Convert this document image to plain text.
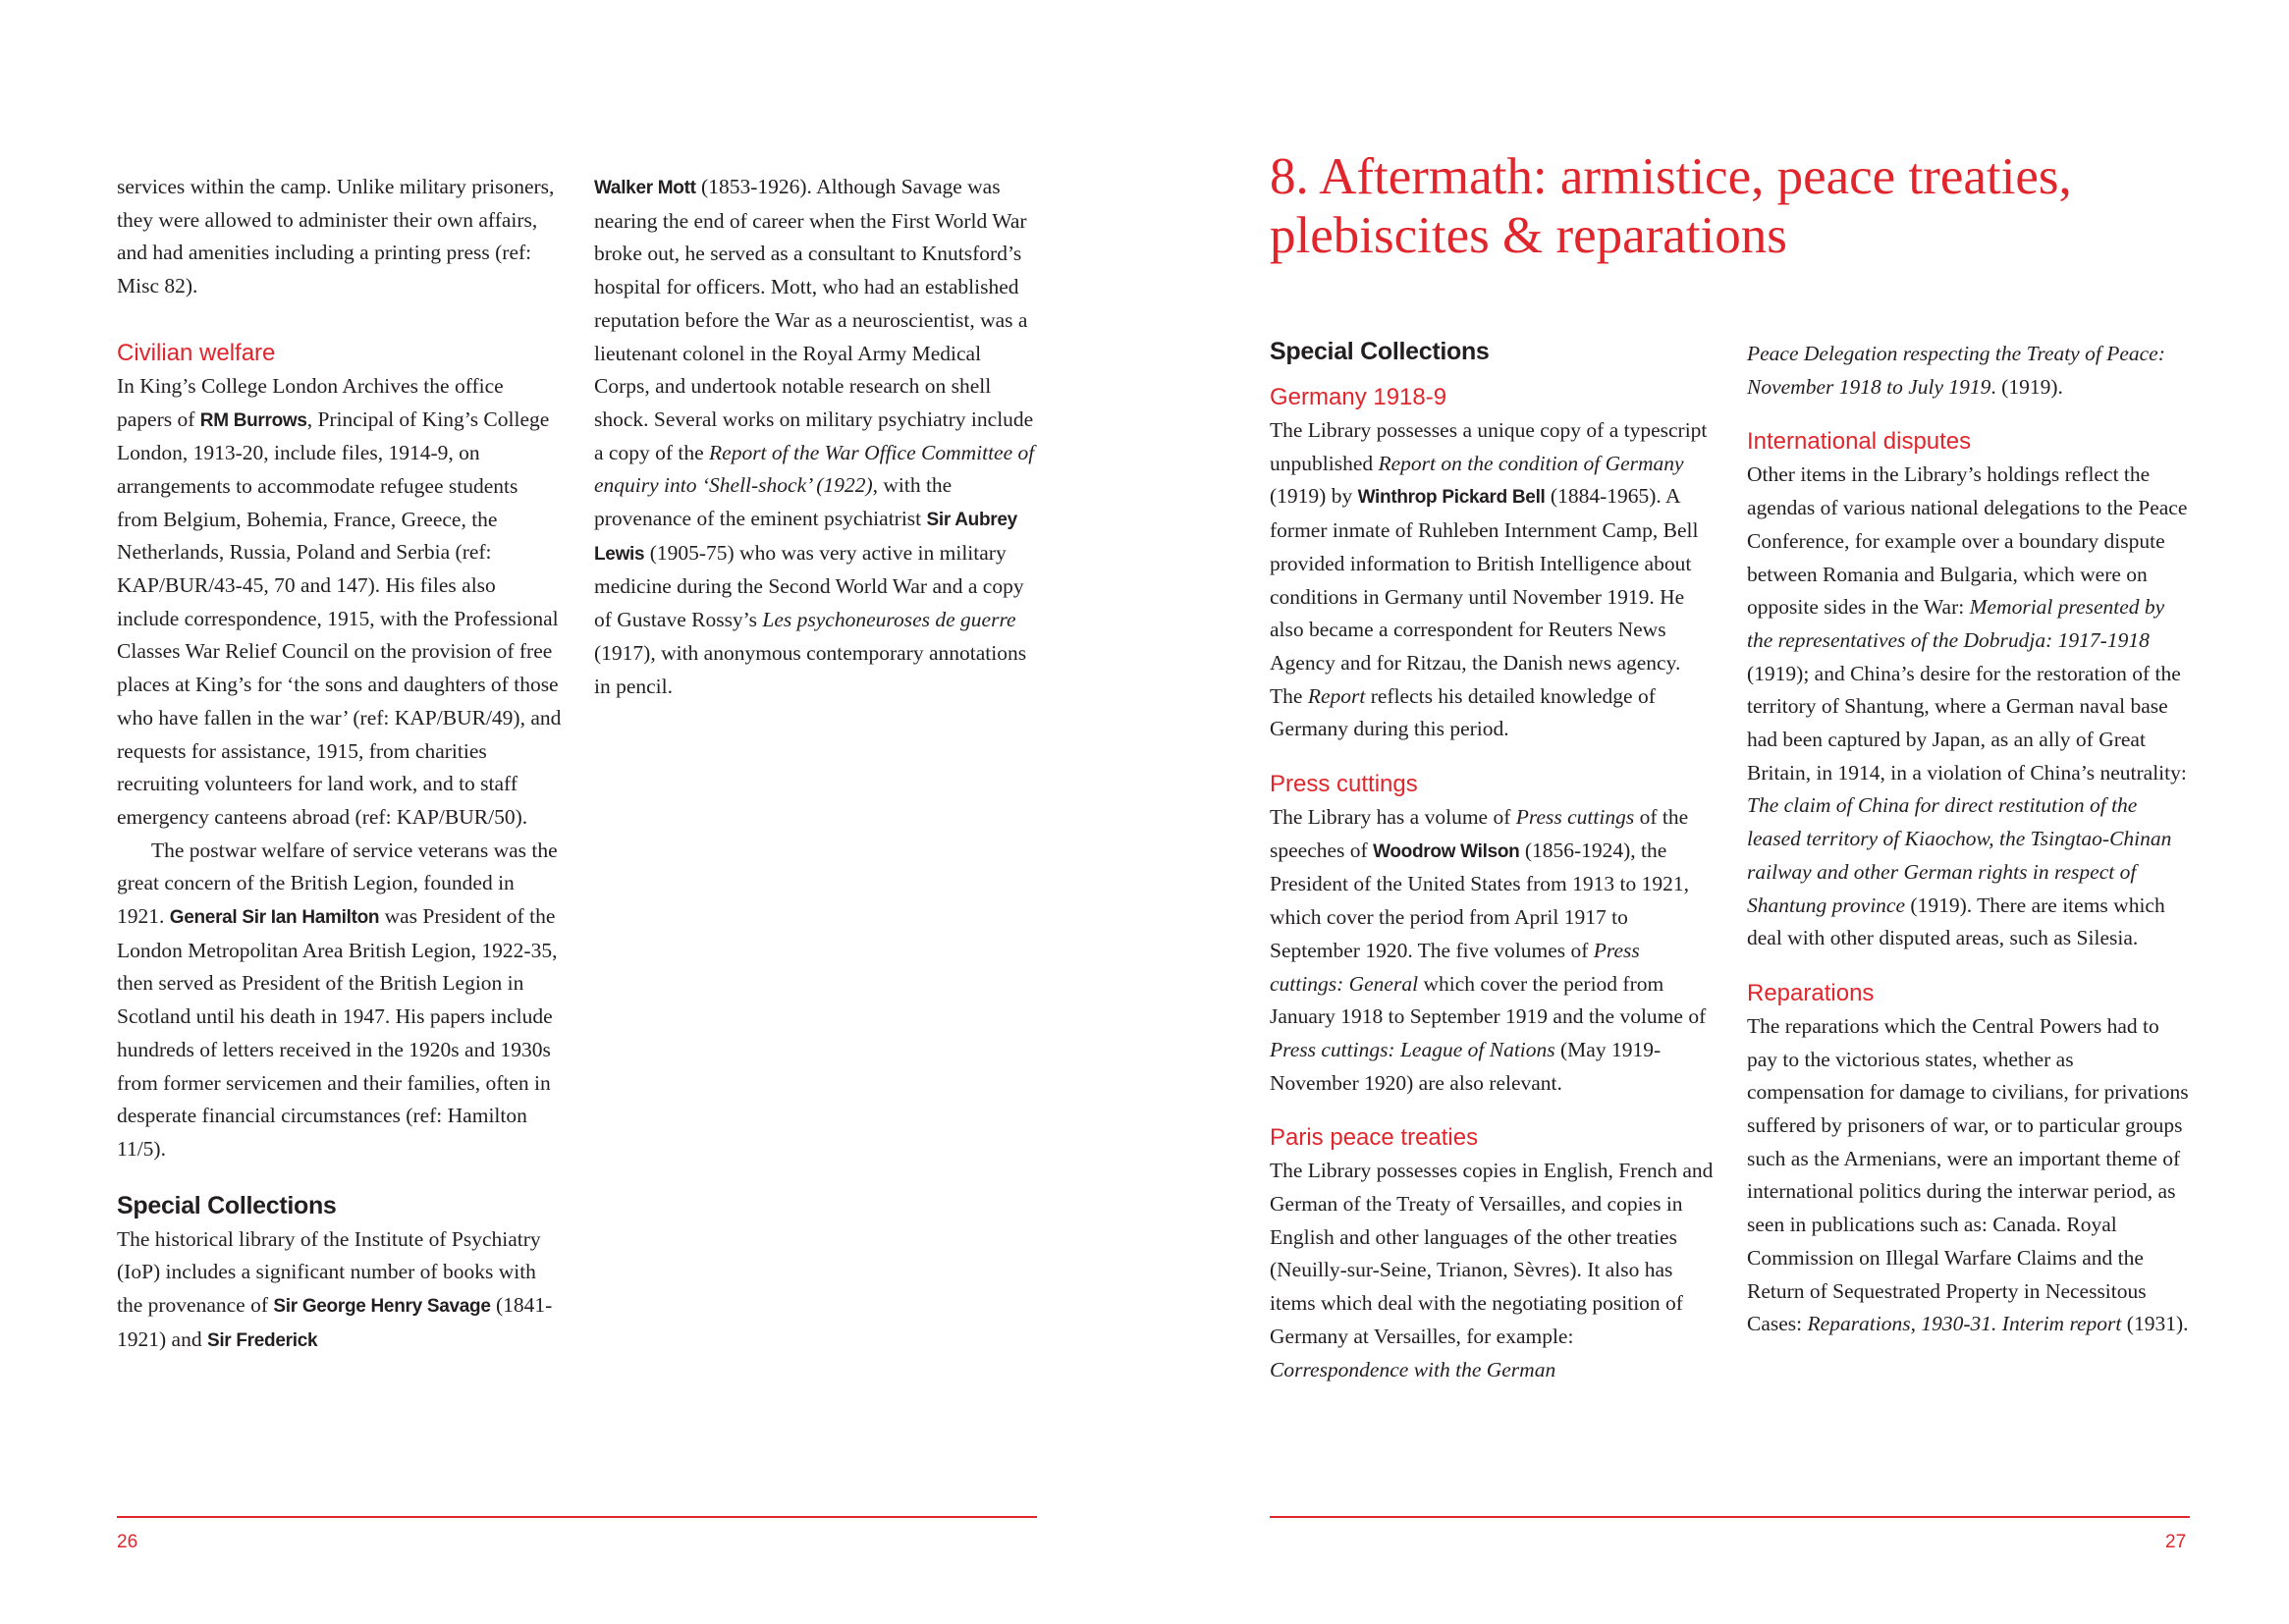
services within the camp. Unlike military prisoners, they were allowed to administer their own affairs, and had amenities including a printing press (ref: Misc 82).

Civilian welfare

In King’s College London Archives the office papers of RM Burrows, Principal of King’s College London, 1913-20, include files, 1914-9, on arrangements to accommodate refugee students from Belgium, Bohemia, France, Greece, the Netherlands, Russia, Poland and Serbia (ref: KAP/BUR/43-45, 70 and 147). His files also include correspondence, 1915, with the Professional Classes War Relief Council on the provision of free places at King’s for ‘the sons and daughters of those who have fallen in the war’ (ref: KAP/BUR/49), and requests for assistance, 1915, from charities recruiting volunteers for land work, and to staff emergency canteens abroad (ref: KAP/BUR/50).

The postwar welfare of service veterans was the great concern of the British Legion, founded in 1921. General Sir Ian Hamilton was President of the London Metropolitan Area British Legion, 1922-35, then served as President of the British Legion in Scotland until his death in 1947. His papers include hundreds of letters received in the 1920s and 1930s from former servicemen and their families, often in desperate financial circumstances (ref: Hamilton 11/5).

Special Collections

The historical library of the Institute of Psychiatry (IoP) includes a significant number of books with the provenance of Sir George Henry Savage (1841-1921) and Sir Frederick

Walker Mott (1853-1926). Although Savage was nearing the end of career when the First World War broke out, he served as a consultant to Knutsford’s hospital for officers. Mott, who had an established reputation before the War as a neuroscientist, was a lieutenant colonel in the Royal Army Medical Corps, and undertook notable research on shell shock. Several works on military psychiatry include a copy of the Report of the War Office Committee of enquiry into ‘Shell-shock’ (1922), with the provenance of the eminent psychiatrist Sir Aubrey Lewis (1905-75) who was very active in military medicine during the Second World War and a copy of Gustave Rossy’s Les psychoneuroses de guerre (1917), with anonymous contemporary annotations in pencil.

26
8. Aftermath: armistice, peace treaties, plebiscites & reparations
Special Collections
Germany 1918-9

The Library possesses a unique copy of a typescript unpublished Report on the condition of Germany (1919) by Winthrop Pickard Bell (1884-1965). A former inmate of Ruhleben Internment Camp, Bell provided information to British Intelligence about conditions in Germany until November 1919. He also became a correspondent for Reuters News Agency and for Ritzau, the Danish news agency. The Report reflects his detailed knowledge of Germany during this period.

Press cuttings

The Library has a volume of Press cuttings of the speeches of Woodrow Wilson (1856-1924), the President of the United States from 1913 to 1921, which cover the period from April 1917 to September 1920. The five volumes of Press cuttings: General which cover the period from January 1918 to September 1919 and the volume of Press cuttings: League of Nations (May 1919-November 1920) are also relevant.

Paris peace treaties

The Library possesses copies in English, French and German of the Treaty of Versailles, and copies in English and other languages of the other treaties (Neuilly-sur-Seine, Trianon, Sèvres). It also has items which deal with the negotiating position of Germany at Versailles, for example: Correspondence with the German

Peace Delegation respecting the Treaty of Peace: November 1918 to July 1919. (1919).

International disputes

Other items in the Library’s holdings reflect the agendas of various national delegations to the Peace Conference, for example over a boundary dispute between Romania and Bulgaria, which were on opposite sides in the War: Memorial presented by the representatives of the Dobrudja: 1917-1918 (1919); and China’s desire for the restoration of the territory of Shantung, where a German naval base had been captured by Japan, as an ally of Great Britain, in 1914, in a violation of China’s neutrality: The claim of China for direct restitution of the leased territory of Kiaochow, the Tsingtao-Chinan railway and other German rights in respect of Shantung province (1919). There are items which deal with other disputed areas, such as Silesia.

Reparations

The reparations which the Central Powers had to pay to the victorious states, whether as compensation for damage to civilians, for privations suffered by prisoners of war, or to particular groups such as the Armenians, were an important theme of international politics during the interwar period, as seen in publications such as: Canada. Royal Commission on Illegal Warfare Claims and the Return of Sequestrated Property in Necessitous Cases: Reparations, 1930-31. Interim report (1931).

27
